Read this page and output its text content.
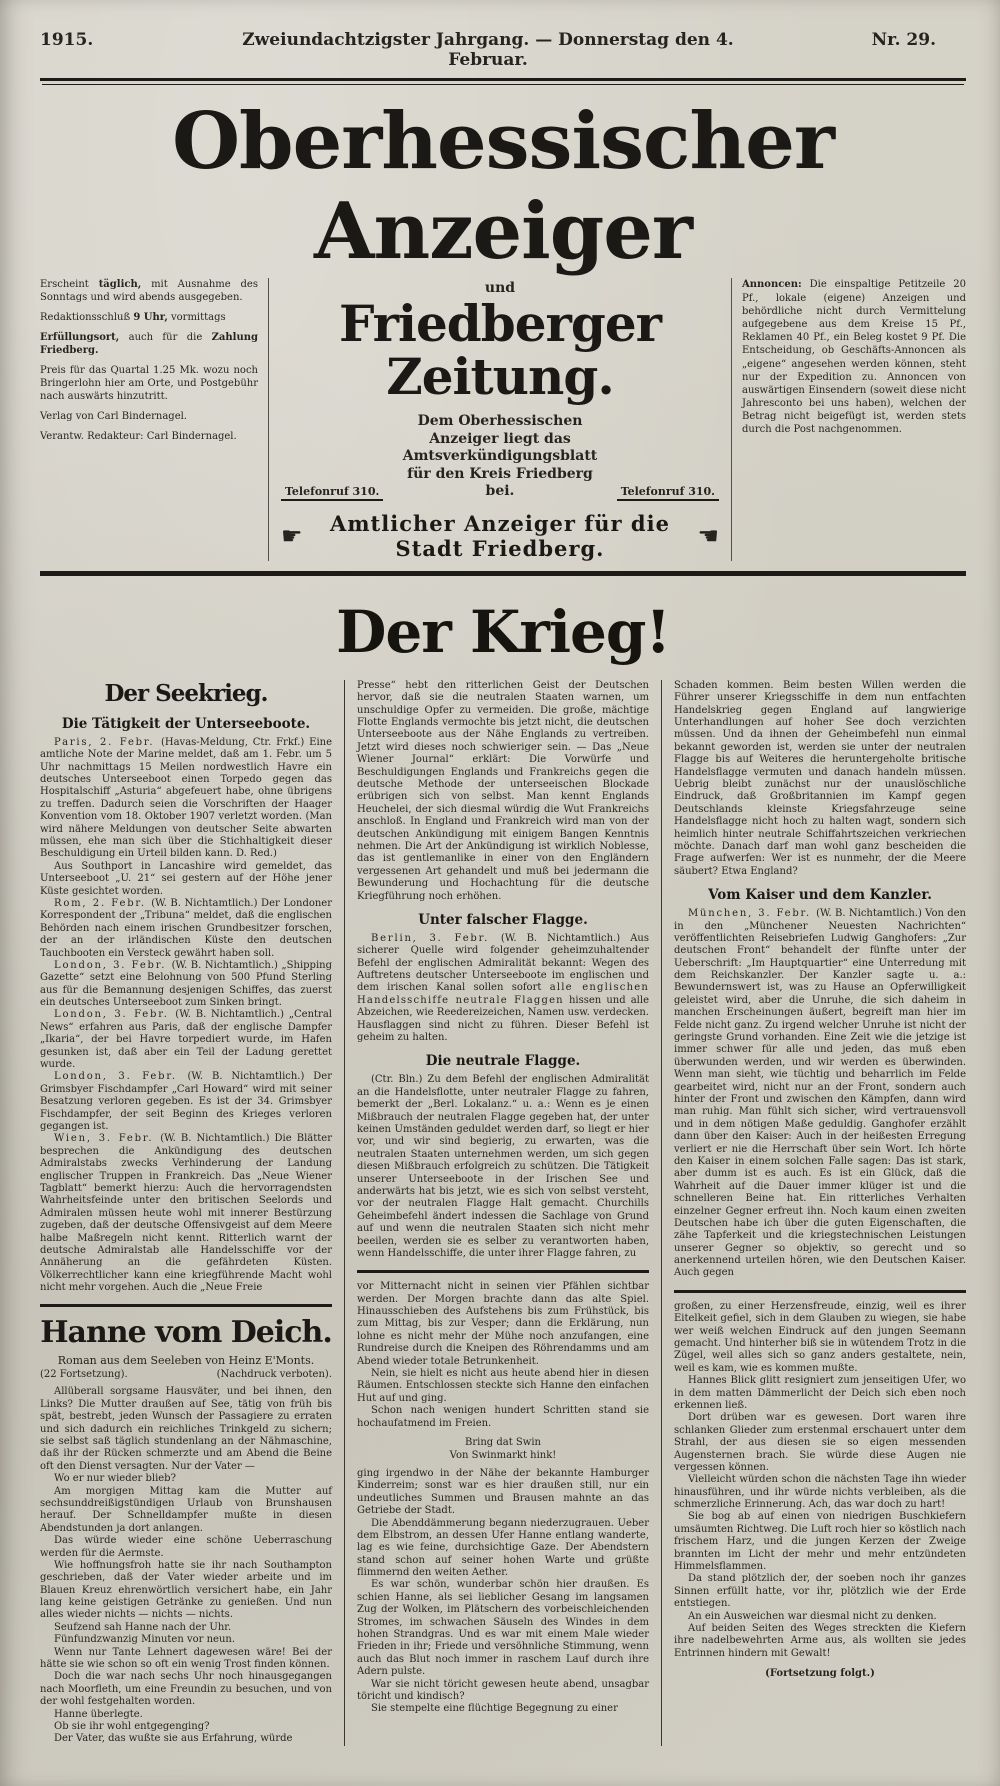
1915.	Zweiundachtzigster Jahrgang. — Donnerstag den 4. Februar.
Nr. 29.
Oberhessischer Anzeiger

Erscheint täglich, mit Ausnahme des Sonntags und wird abends ausgegeben.

Redaktionsschluß 9 Uhr, vormittags

Erfüllungsort, auch für die Zahlung Friedberg.

Preis für das Quartal 1.25 Mk. wozu noch Bringerlohn hier am Orte, und Postgebühr nach auswärts hinzutritt.

Verlag von Carl Bindernagel.

Verantw. Redakteur: Carl Bindernagel.

und
Friedberger Zeitung.
Telefonruf 310.
Dem Oberhessischen Anzeiger liegt das Amtsverkündigungsblatt für den Kreis Friedberg bei.	Telefonruf 310.
☛	Amtlicher Anzeiger für die Stadt Friedberg.	☚

Annoncen: Die einspaltige Petitzeile 20 Pf., lokale (eigene) Anzeigen und behördliche nicht durch Vermittelung aufgegebene aus dem Kreise 15 Pf., Reklamen 40 Pf., ein Beleg kostet 9 Pf. Die Entscheidung, ob Geschäfts-Annoncen als „eigene“ angesehen werden können, steht nur der Expedition zu. Annoncen von auswärtigen Einsendern (soweit diese nicht Jahresconto bei uns haben), welchen der Betrag nicht beigefügt ist, werden stets durch die Post nachgenommen.

Der Krieg!
Der Seekrieg.
Die Tätigkeit der Unterseeboote.

Paris, 2. Febr. (Havas-Meldung, Ctr. Frkf.) Eine amtliche Note der Marine meldet, daß am 1. Febr. um 5 Uhr nachmittags 15 Meilen nordwestlich Havre ein deutsches Unterseeboot einen Torpedo gegen das Hospitalschiff „Asturia“ abgefeuert habe, ohne übrigens zu treffen. Dadurch seien die Vorschriften der Haager Konvention vom 18. Oktober 1907 verletzt worden. (Man wird nähere Meldungen von deutscher Seite abwarten müssen, ehe man sich über die Stichhaltigkeit dieser Beschuldigung ein Urteil bilden kann. D. Red.)

Aus Southport in Lancashire wird gemeldet, das Unterseeboot „U. 21“ sei gestern auf der Höhe jener Küste gesichtet worden.

Rom, 2. Febr. (W. B. Nichtamtlich.) Der Londoner Korrespondent der „Tribuna“ meldet, daß die englischen Behörden nach einem irischen Grundbesitzer forschen, der an der irländischen Küste den deutschen Tauchbooten ein Versteck gewährt haben soll.

London, 3. Febr. (W. B. Nichtamtlich.) „Shipping Gazette“ setzt eine Belohnung von 500 Pfund Sterling aus für die Bemannung desjenigen Schiffes, das zuerst ein deutsches Unterseeboot zum Sinken bringt.

London, 3. Febr. (W. B. Nichtamtlich.) „Central News“ erfahren aus Paris, daß der englische Dampfer „Ikaria“, der bei Havre torpediert wurde, im Hafen gesunken ist, daß aber ein Teil der Ladung gerettet wurde.

London, 3. Febr. (W. B. Nichtamtlich.) Der Grimsbyer Fischdampfer „Carl Howard“ wird mit seiner Besatzung verloren gegeben. Es ist der 34. Grimsbyer Fischdampfer, der seit Beginn des Krieges verloren gegangen ist.

Wien, 3. Febr. (W. B. Nichtamtlich.) Die Blätter besprechen die Ankündigung des deutschen Admiralstabs zwecks Verhinderung der Landung englischer Truppen in Frankreich. Das „Neue Wiener Tagblatt“ bemerkt hierzu: Auch die hervorragendsten Wahrheitsfeinde unter den britischen Seelords und Admiralen müssen heute wohl mit innerer Bestürzung zugeben, daß der deutsche Offensivgeist auf dem Meere halbe Maßregeln nicht kennt. Ritterlich warnt der deutsche Admiralstab alle Handelsschiffe vor der Annäherung an die gefährdeten Küsten. Völkerrechtlicher kann eine kriegführende Macht wohl nicht mehr vorgehen. Auch die „Neue Freie

Hanne vom Deich.
Roman aus dem Seeleben von Heinz E'Monts.
(22 Fortsetzung).	(Nachdruck verboten).

Allüberall sorgsame Hausväter, und bei ihnen, den Links? Die Mutter draußen auf See, tätig von früh bis spät, bestrebt, jeden Wunsch der Passagiere zu erraten und sich dadurch ein reichliches Trinkgeld zu sichern; sie selbst saß täglich stundenlang an der Nähmaschine, daß ihr der Rücken schmerzte und am Abend die Beine oft den Dienst versagten. Nur der Vater —

Wo er nur wieder blieb?

Am morgigen Mittag kam die Mutter auf sechsunddreißigstündigen Urlaub von Brunshausen herauf. Der Schnelldampfer mußte in diesen Abendstunden ja dort anlangen.

Das würde wieder eine schöne Ueberraschung werden für die Aermste.

Wie hoffnungsfroh hatte sie ihr nach Southampton geschrieben, daß der Vater wieder arbeite und im Blauen Kreuz ehrenwörtlich versichert habe, ein Jahr lang keine geistigen Getränke zu genießen. Und nun alles wieder nichts — nichts — nichts.

Seufzend sah Hanne nach der Uhr.

Fünfundzwanzig Minuten vor neun.

Wenn nur Tante Lehnert dagewesen wäre! Bei der hätte sie wie schon so oft ein wenig Trost finden können.

Doch die war nach sechs Uhr noch hinausgegangen nach Moorfleth, um eine Freundin zu besuchen, und von der wohl festgehalten worden.

Hanne überlegte.

Ob sie ihr wohl entgegenging?

Der Vater, das wußte sie aus Erfahrung, würde

Presse“ hebt den ritterlichen Geist der Deutschen hervor, daß sie die neutralen Staaten warnen, um unschuldige Opfer zu vermeiden. Die große, mächtige Flotte Englands vermochte bis jetzt nicht, die deutschen Unterseeboote aus der Nähe Englands zu vertreiben. Jetzt wird dieses noch schwieriger sein. — Das „Neue Wiener Journal“ erklärt: Die Vorwürfe und Beschuldigungen Englands und Frankreichs gegen die deutsche Methode der unterseeischen Blockade erübrigen sich von selbst. Man kennt Englands Heuchelei, der sich diesmal würdig die Wut Frankreichs anschloß. In England und Frankreich wird man von der deutschen Ankündigung mit einigem Bangen Kenntnis nehmen. Die Art der Ankündigung ist wirklich Noblesse, das ist gentlemanlike in einer von den Engländern vergessenen Art gehandelt und muß bei jedermann die Bewunderung und Hochachtung für die deutsche Kriegführung noch erhöhen.

Unter falscher Flagge.

Berlin, 3. Febr. (W. B. Nichtamtlich.) Aus sicherer Quelle wird folgender geheimzuhaltender Befehl der englischen Admiralität bekannt: Wegen des Auftretens deutscher Unterseeboote im englischen und dem irischen Kanal sollen sofort alle englischen Handelsschiffe neutrale Flaggen hissen und alle Abzeichen, wie Reedereizeichen, Namen usw. verdecken. Hausflaggen sind nicht zu führen. Dieser Befehl ist geheim zu halten.

Die neutrale Flagge.

(Ctr. Bln.) Zu dem Befehl der englischen Admiralität an die Handelsflotte, unter neutraler Flagge zu fahren, bemerkt der „Berl. Lokalanz.“ u. a.: Wenn es je einen Mißbrauch der neutralen Flagge gegeben hat, der unter keinen Umständen geduldet werden darf, so liegt er hier vor, und wir sind begierig, zu erwarten, was die neutralen Staaten unternehmen werden, um sich gegen diesen Mißbrauch erfolgreich zu schützen. Die Tätigkeit unserer Unterseeboote in der Irischen See und anderwärts hat bis jetzt, wie es sich von selbst versteht, vor der neutralen Flagge Halt gemacht. Churchills Geheimbefehl ändert indessen die Sachlage von Grund auf und wenn die neutralen Staaten sich nicht mehr beeilen, werden sie es selber zu verantworten haben, wenn Handelsschiffe, die unter ihrer Flagge fahren, zu

vor Mitternacht nicht in seinen vier Pfählen sichtbar werden. Der Morgen brachte dann das alte Spiel. Hinausschieben des Aufstehens bis zum Frühstück, bis zum Mittag, bis zur Vesper; dann die Erklärung, nun lohne es nicht mehr der Mühe noch anzufangen, eine Rundreise durch die Kneipen des Röhrendamms und am Abend wieder totale Betrunkenheit.

Nein, sie hielt es nicht aus heute abend hier in diesen Räumen. Entschlossen steckte sich Hanne den einfachen Hut auf und ging.

Schon nach wenigen hundert Schritten stand sie hochaufatmend im Freien.

Bring dat Swin
Von Swinmarkt hink!

ging irgendwo in der Nähe der bekannte Hamburger Kinderreim; sonst war es hier draußen still, nur ein undeutliches Summen und Brausen mahnte an das Getriebe der Stadt.

Die Abenddämmerung begann niederzugrauen. Ueber dem Elbstrom, an dessen Ufer Hanne entlang wanderte, lag es wie feine, durchsichtige Gaze. Der Abendstern stand schon auf seiner hohen Warte und grüßte flimmernd den weiten Aether.

Es war schön, wunderbar schön hier draußen. Es schien Hanne, als sei lieblicher Gesang im langsamen Zug der Wolken, im Plätschern des vorbeischleichenden Stromes, im schwachen Säuseln des Windes in dem hohen Strandgras. Und es war mit einem Male wieder Frieden in ihr; Friede und versöhnliche Stimmung, wenn auch das Blut noch immer in raschem Lauf durch ihre Adern pulste.

War sie nicht töricht gewesen heute abend, unsagbar töricht und kindisch?

Sie stempelte eine flüchtige Begegnung zu einer

Schaden kommen. Beim besten Willen werden die Führer unserer Kriegsschiffe in dem nun entfachten Handelskrieg gegen England auf langwierige Unterhandlungen auf hoher See doch verzichten müssen. Und da ihnen der Geheimbefehl nun einmal bekannt geworden ist, werden sie unter der neutralen Flagge bis auf Weiteres die heruntergeholte britische Handelsflagge vermuten und danach handeln müssen. Uebrig bleibt zunächst nur der unauslöschliche Eindruck, daß Großbritannien im Kampf gegen Deutschlands kleinste Kriegsfahrzeuge seine Handelsflagge nicht hoch zu halten wagt, sondern sich heimlich hinter neutrale Schiffahrtszeichen verkriechen möchte. Danach darf man wohl ganz bescheiden die Frage aufwerfen: Wer ist es nunmehr, der die Meere säubert? Etwa England?

Vom Kaiser und dem Kanzler.

München, 3. Febr. (W. B. Nichtamtlich.) Von den in den „Münchener Neuesten Nachrichten“ veröffentlichten Reisebriefen Ludwig Ganghofers: „Zur deutschen Front“ behandelt der fünfte unter der Ueberschrift: „Im Hauptquartier“ eine Unterredung mit dem Reichskanzler. Der Kanzler sagte u. a.: Bewundernswert ist, was zu Hause an Opferwilligkeit geleistet wird, aber die Unruhe, die sich daheim in manchen Erscheinungen äußert, begreift man hier im Felde nicht ganz. Zu irgend welcher Unruhe ist nicht der geringste Grund vorhanden. Eine Zeit wie die jetzige ist immer schwer für alle und jeden, das muß eben überwunden werden, und wir werden es überwinden. Wenn man sieht, wie tüchtig und beharrlich im Felde gearbeitet wird, nicht nur an der Front, sondern auch hinter der Front und zwischen den Kämpfen, dann wird man ruhig. Man fühlt sich sicher, wird vertrauensvoll und in dem nötigen Maße geduldig. Ganghofer erzählt dann über den Kaiser: Auch in der heißesten Erregung verliert er nie die Herrschaft über sein Wort. Ich hörte den Kaiser in einem solchen Falle sagen: Das ist stark, aber dumm ist es auch. Es ist ein Glück, daß die Wahrheit auf die Dauer immer klüger ist und die schnelleren Beine hat. Ein ritterliches Verhalten einzelner Gegner erfreut ihn. Noch kaum einen zweiten Deutschen habe ich über die guten Eigenschaften, die zähe Tapferkeit und die kriegstechnischen Leistungen unserer Gegner so objektiv, so gerecht und so anerkennend urteilen hören, wie den Deutschen Kaiser. Auch gegen

großen, zu einer Herzensfreude, einzig, weil es ihrer Eitelkeit gefiel, sich in dem Glauben zu wiegen, sie habe wer weiß welchen Eindruck auf den jungen Seemann gemacht. Und hinterher biß sie in wütendem Trotz in die Zügel, weil alles sich so ganz anders gestaltete, nein, weil es kam, wie es kommen mußte.

Hannes Blick glitt resigniert zum jenseitigen Ufer, wo in dem matten Dämmerlicht der Deich sich eben noch erkennen ließ.

Dort drüben war es gewesen. Dort waren ihre schlanken Glieder zum erstenmal erschauert unter dem Strahl, der aus diesen sie so eigen messenden Augensternen brach. Sie würde diese Augen nie vergessen können.

Vielleicht würden schon die nächsten Tage ihn wieder hinausführen, und ihr würde nichts verbleiben, als die schmerzliche Erinnerung. Ach, das war doch zu hart!

Sie bog ab auf einen von niedrigen Buschkiefern umsäumten Richtweg. Die Luft roch hier so köstlich nach frischem Harz, und die jungen Kerzen der Zweige brannten im Licht der mehr und mehr entzündeten Himmelsflammen.

Da stand plötzlich der, der soeben noch ihr ganzes Sinnen erfüllt hatte, vor ihr, plötzlich wie der Erde entstiegen.

An ein Ausweichen war diesmal nicht zu denken.

Auf beiden Seiten des Weges streckten die Kiefern ihre nadelbewehrten Arme aus, als wollten sie jedes Entrinnen hindern mit Gewalt!

(Fortsetzung folgt.)
